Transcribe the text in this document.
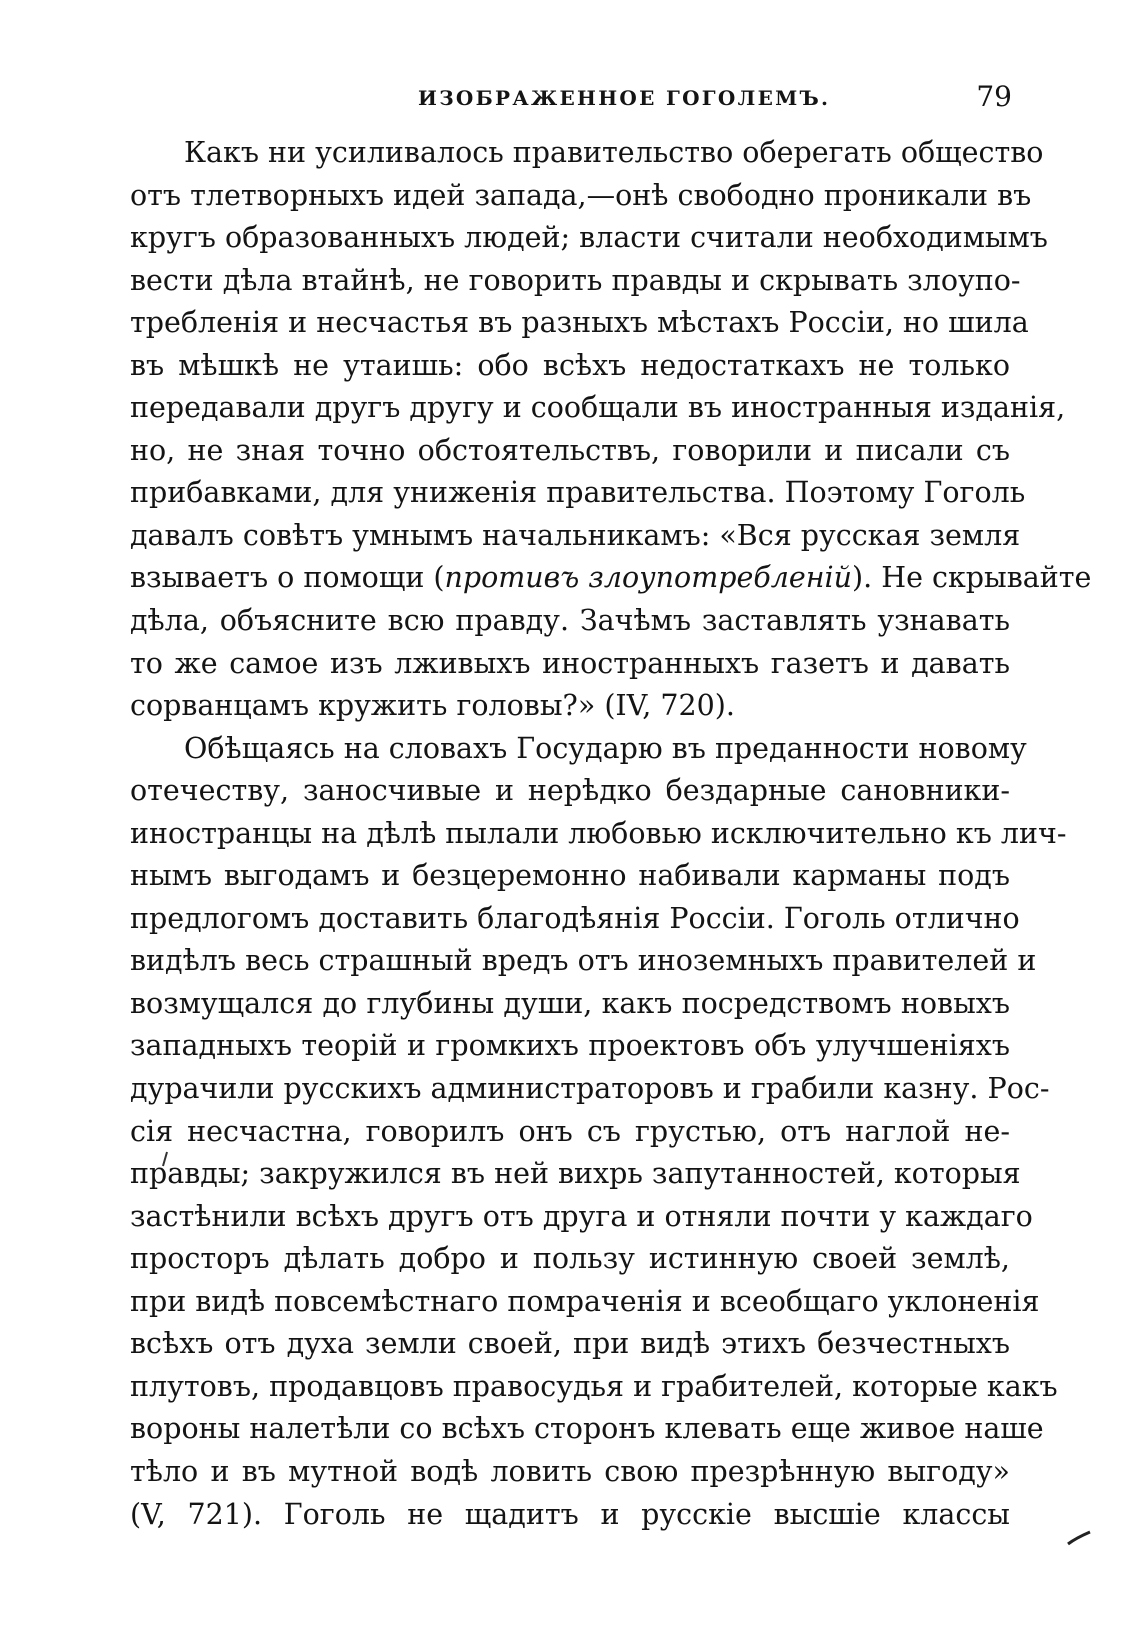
ИЗОБРАЖЕННОЕ ГОГОЛЕМЪ.	79
Какъ ни усиливалось правительство оберегать общество
отъ тлетворныхъ идей запада,—онѣ свободно проникали въ
кругъ образованныхъ людей; власти считали необходимымъ
вести дѣла втайнѣ, не говорить правды и скрывать злоупо-
требленія и несчастья въ разныхъ мѣстахъ Россіи, но шила
въ мѣшкѣ не утаишь: обо всѣхъ недостаткахъ не только
передавали другъ другу и сообщали въ иностранныя изданія,
но, не зная точно обстоятельствъ, говорили и писали съ
прибавками, для униженія правительства. Поэтому Гоголь
давалъ совѣтъ умнымъ начальникамъ: «Вся русская земля
взываетъ о помощи (противъ злоупотребленій). Не скрывайте
дѣла, объясните всю правду. Зачѣмъ заставлять узнавать
то же самое изъ лживыхъ иностранныхъ газетъ и давать
сорванцамъ кружить головы?» (IV, 720).
Обѣщаясь на словахъ Государю въ преданности новому
отечеству, заносчивые и нерѣдко бездарные сановники-
иностранцы на дѣлѣ пылали любовью исключительно къ лич-
нымъ выгодамъ и безцеремонно набивали карманы подъ
предлогомъ доставить благодѣянія Россіи. Гоголь отлично
видѣлъ весь страшный вредъ отъ иноземныхъ правителей и
возмущался до глубины души, какъ посредствомъ новыхъ
западныхъ теорій и громкихъ проектовъ объ улучшеніяхъ
дурачили русскихъ администраторовъ и грабили казну. Рос-
сія несчастна, говорилъ онъ съ грустью, отъ наглой не-
правды; закружился въ ней вихрь запутанностей, которыя
застѣнили всѣхъ другъ отъ друга и отняли почти у каждаго
просторъ дѣлать добро и пользу истинную своей землѣ,
при видѣ повсемѣстнаго помраченія и всеобщаго уклоненія
всѣхъ отъ духа земли своей, при видѣ этихъ безчестныхъ
плутовъ, продавцовъ правосудья и грабителей, которые какъ
вороны налетѣли со всѣхъ сторонъ клевать еще живое наше
тѣло и въ мутной водѣ ловить свою презрѣнную выгоду»
(V, 721). Гоголь не щадитъ и русскіе высшіе классы
